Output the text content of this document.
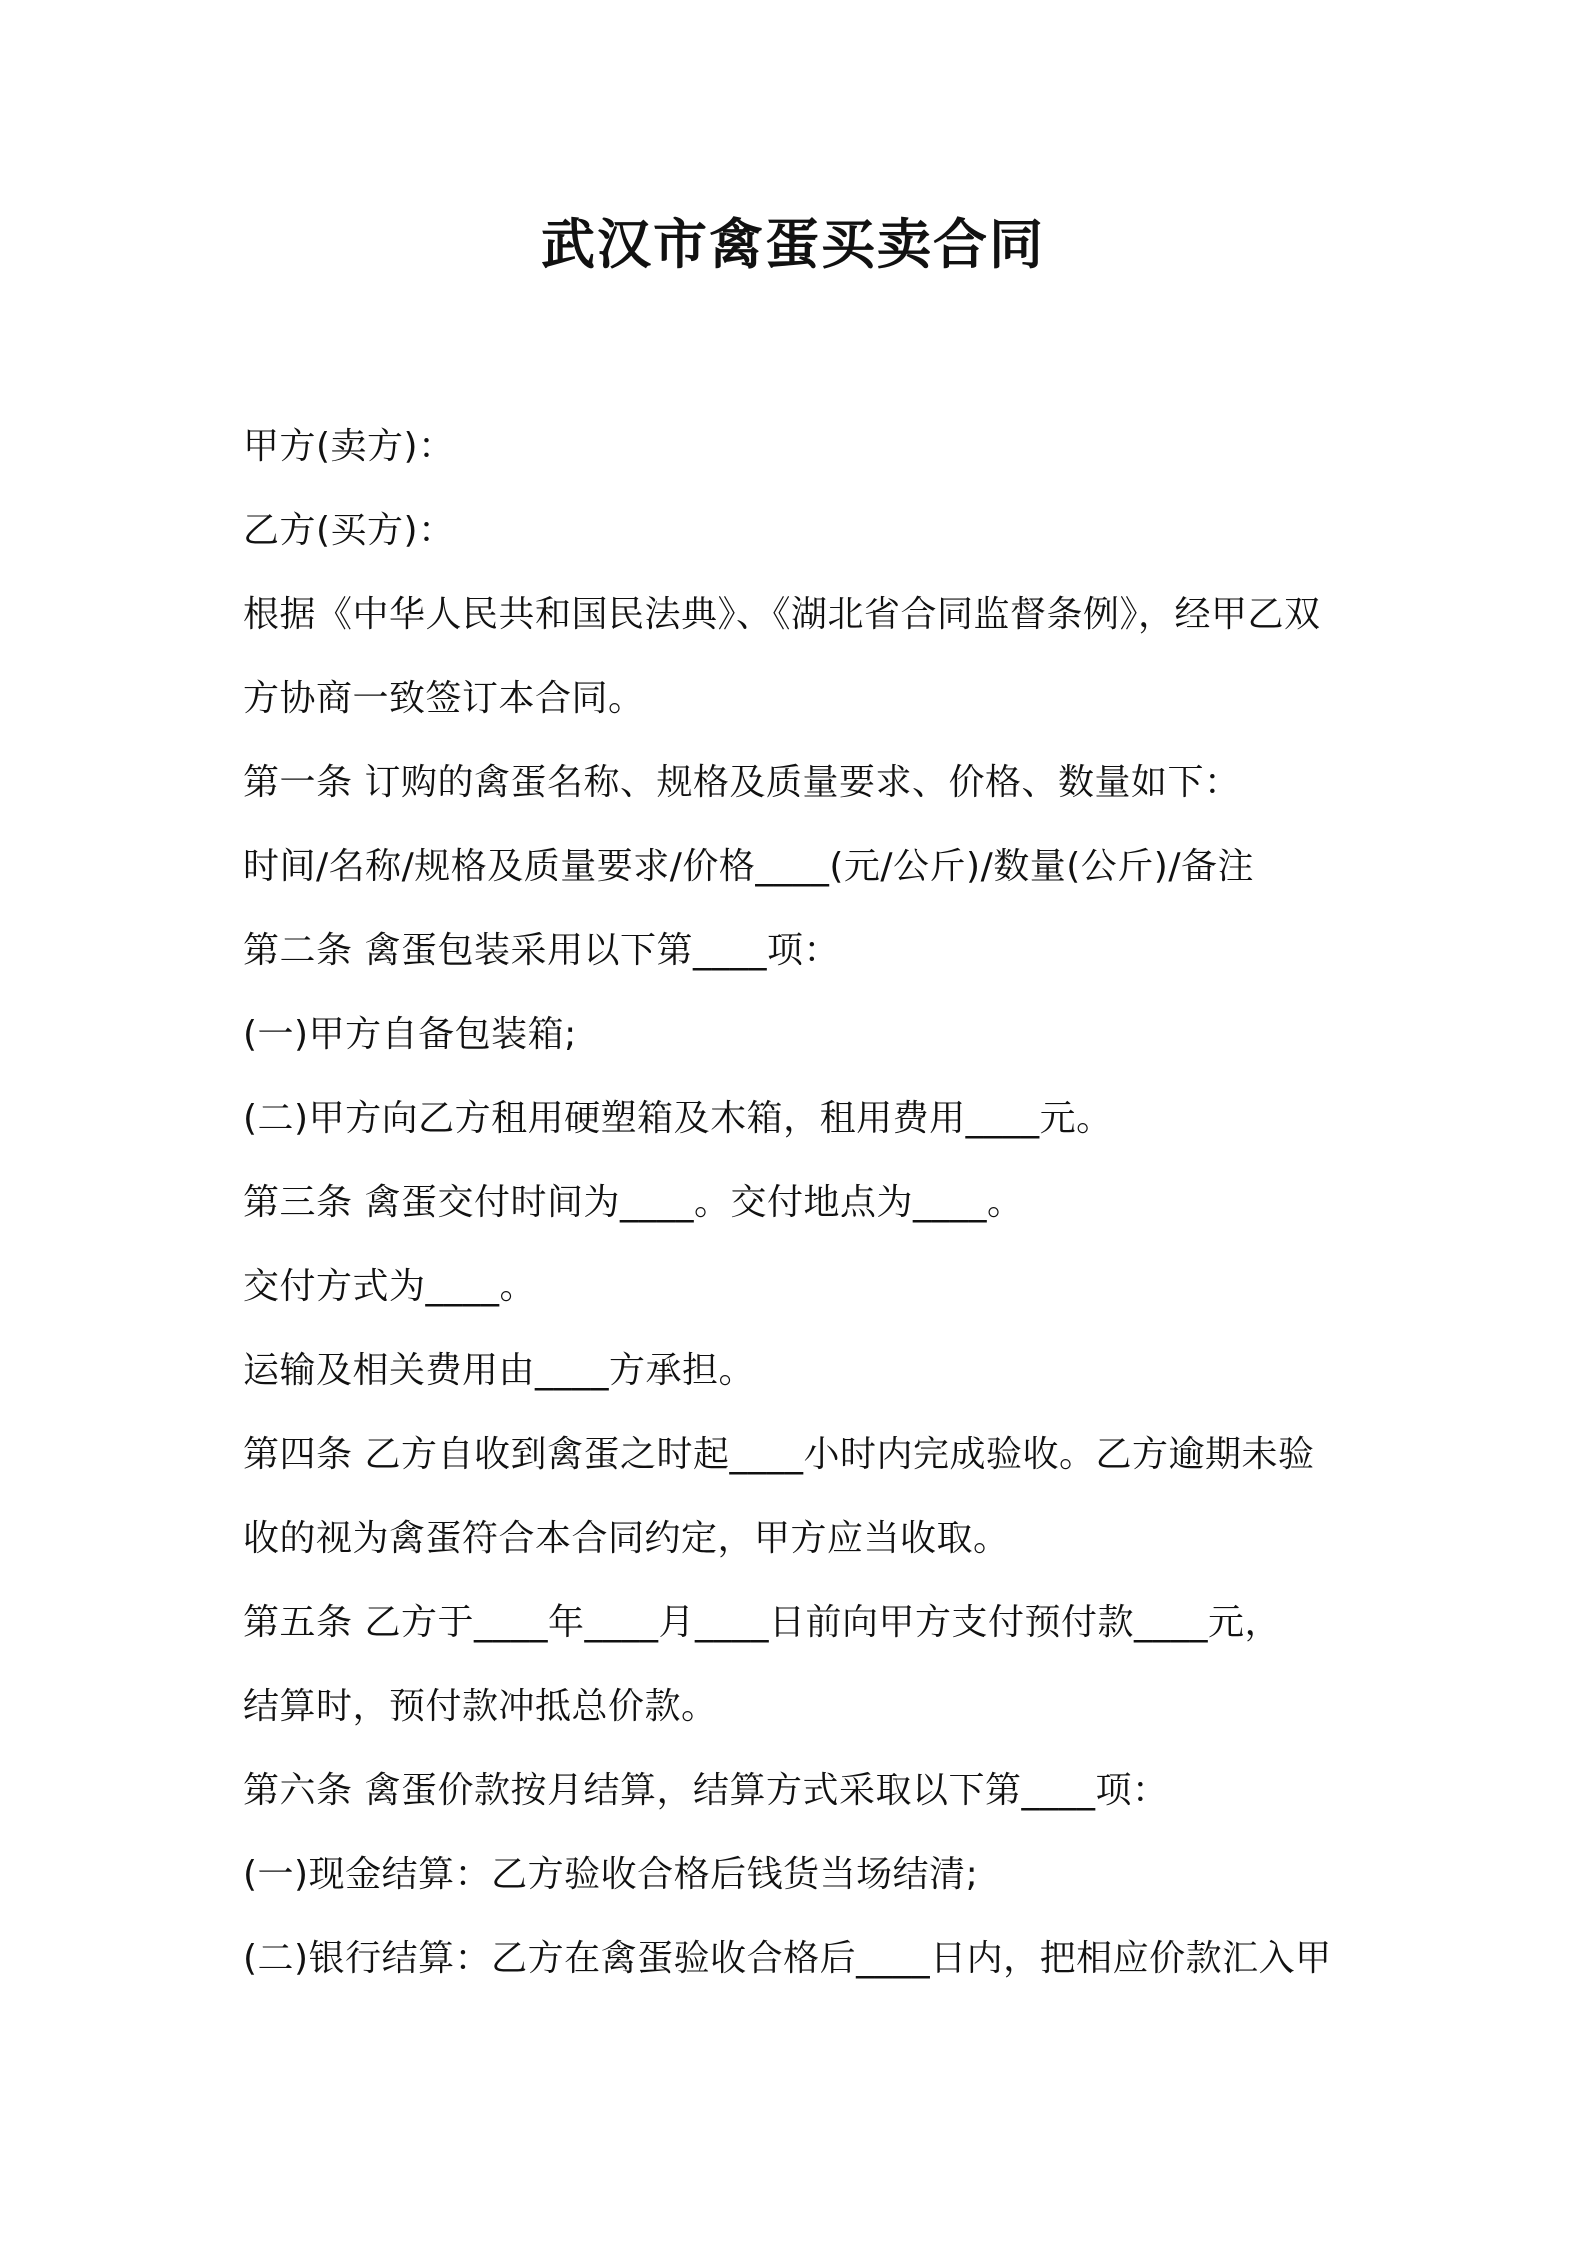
武汉市禽蛋买卖合同
甲方(卖方)：
乙方(买方)：
根据《中华人民共和国民法典》、《湖北省合同监督条例》，经甲乙双
方协商一致签订本合同。
第一条 订购的禽蛋名称、规格及质量要求、价格、数量如下：
时间/名称/规格及质量要求/价格____(元/公斤)/数量(公斤)/备注
第二条 禽蛋包装采用以下第____项：
(一)甲方自备包装箱;
(二)甲方向乙方租用硬塑箱及木箱，租用费用____元。
第三条 禽蛋交付时间为____。交付地点为____。
交付方式为____。
运输及相关费用由____方承担。
第四条 乙方自收到禽蛋之时起____小时内完成验收。乙方逾期未验
收的视为禽蛋符合本合同约定，甲方应当收取。
第五条 乙方于____年____月____日前向甲方支付预付款____元，
结算时，预付款冲抵总价款。
第六条 禽蛋价款按月结算，结算方式采取以下第____项：
(一)现金结算：乙方验收合格后钱货当场结清;
(二)银行结算：乙方在禽蛋验收合格后____日内，把相应价款汇入甲
